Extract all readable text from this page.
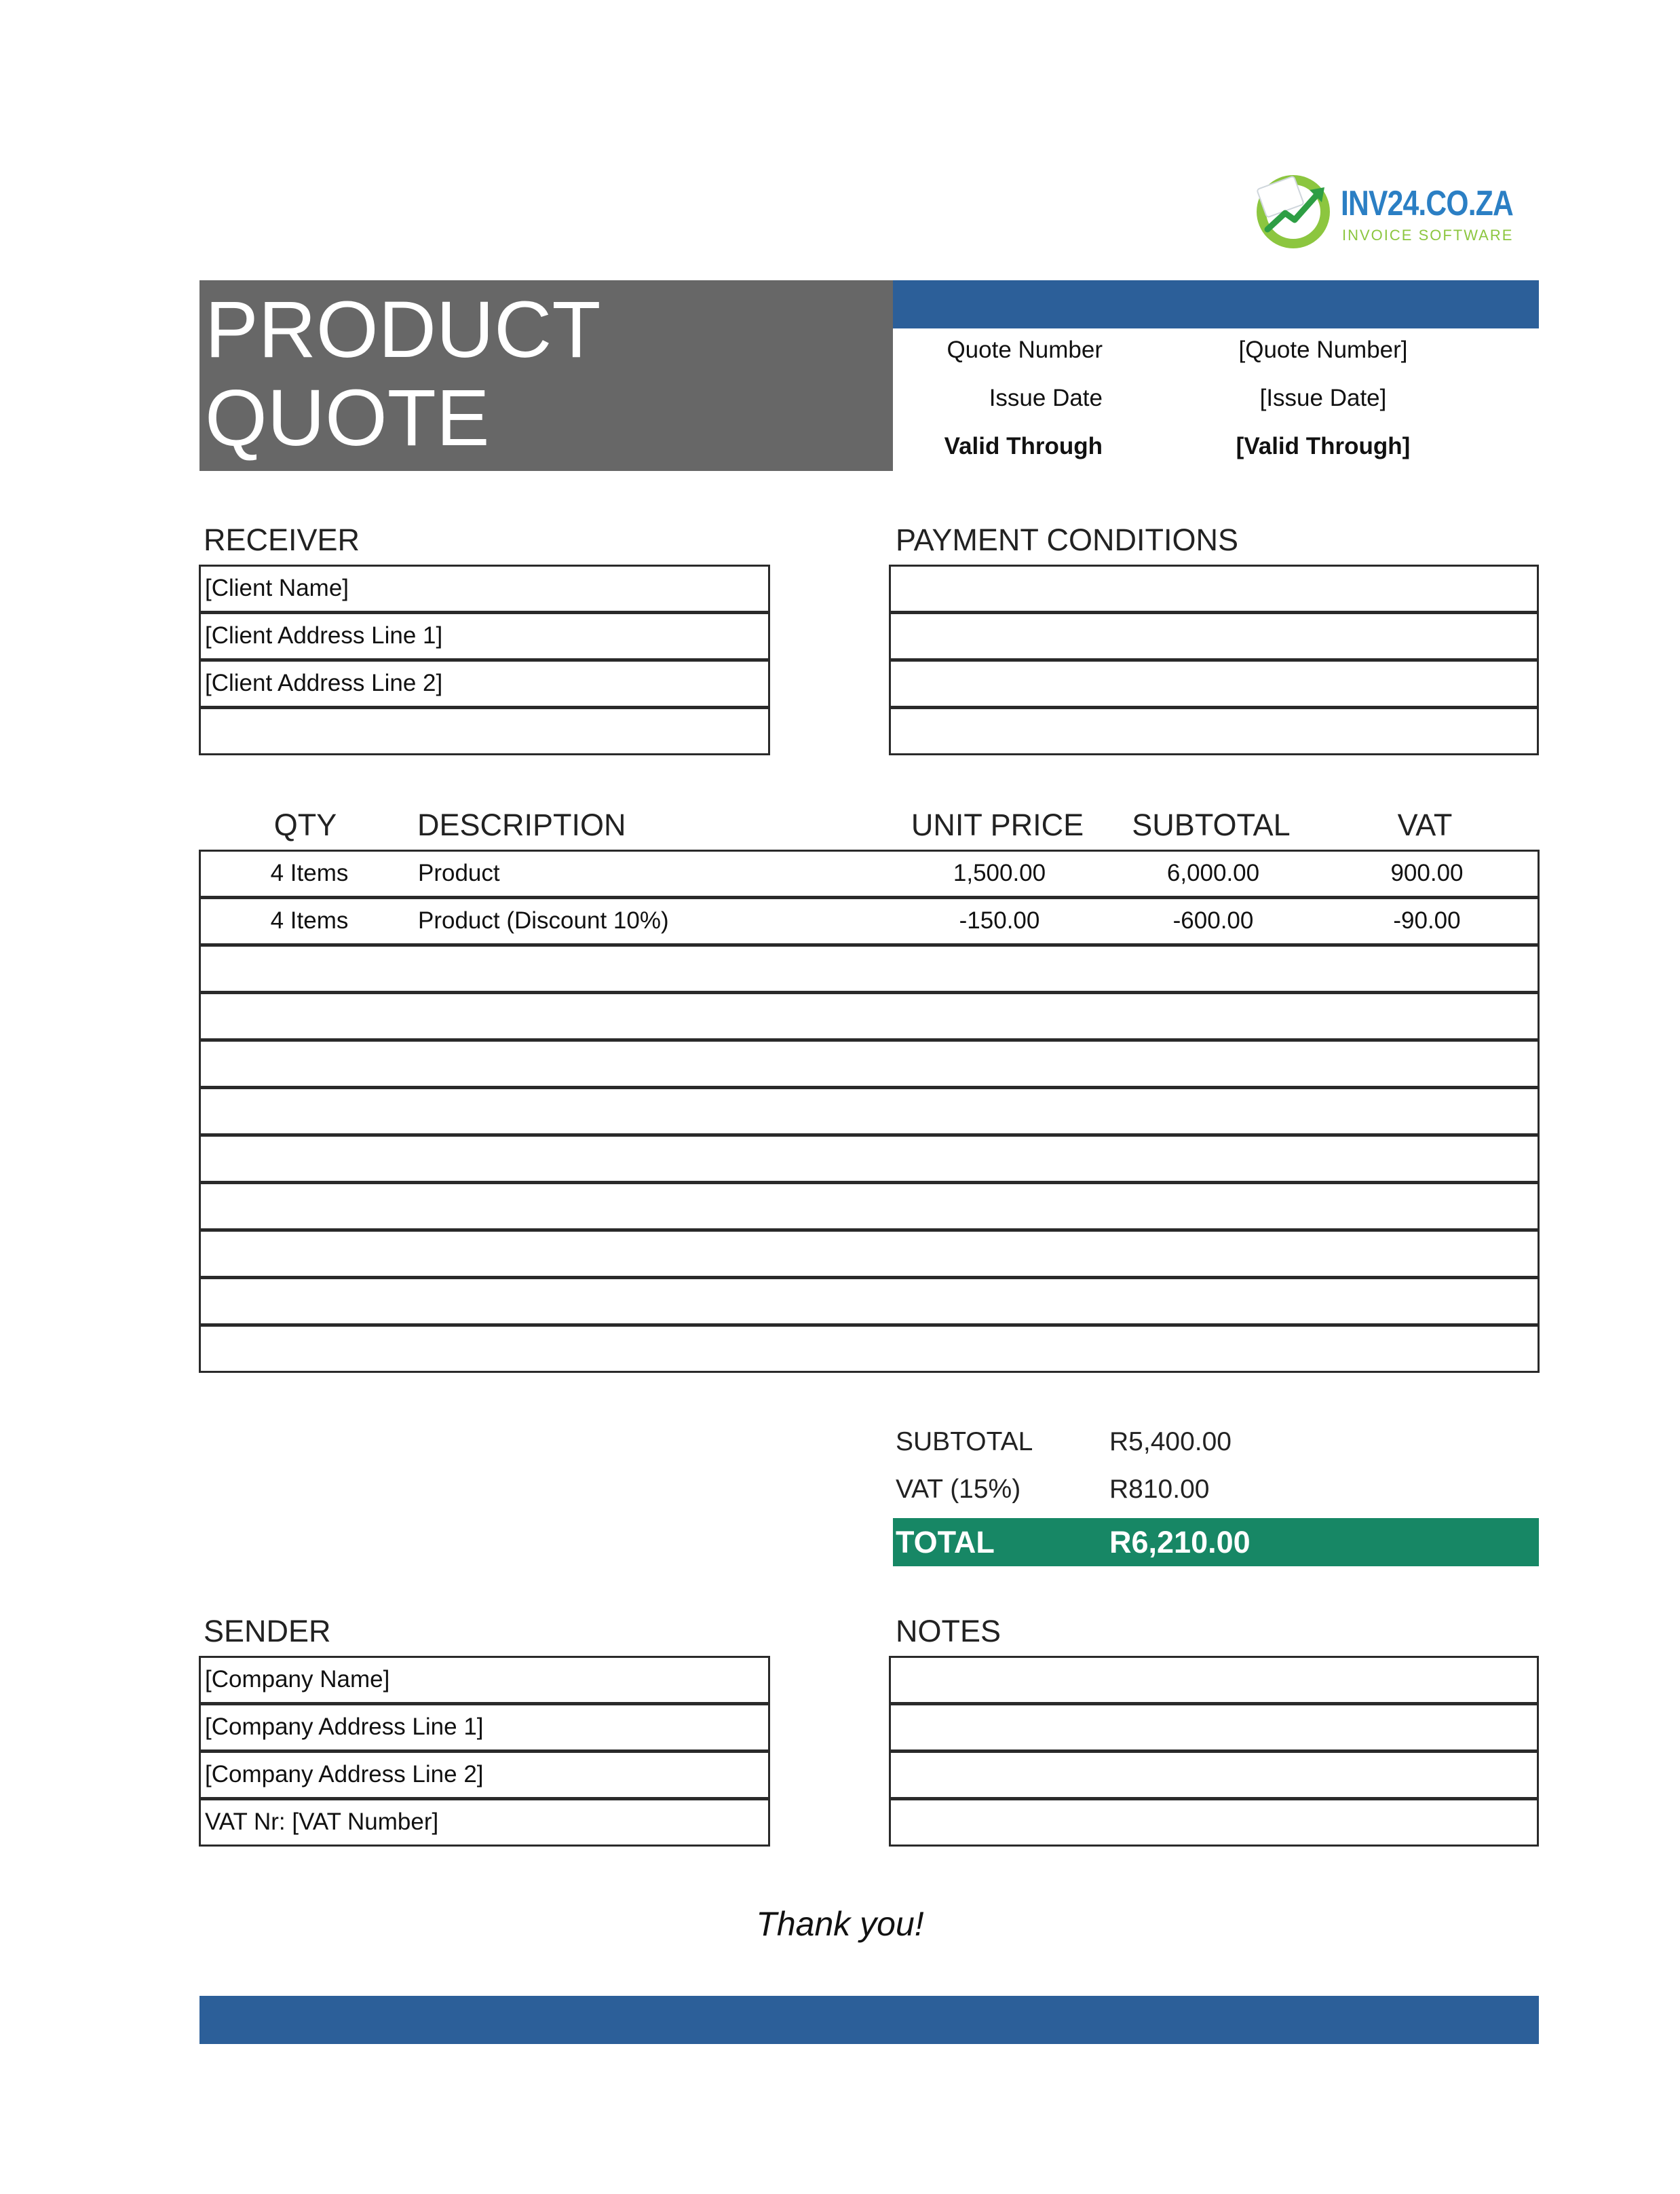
INV24.CO.ZA
INVOICE SOFTWARE
PRODUCT
QUOTE
Quote Number	[Quote Number]
Issue Date	[Issue Date]
Valid Through	[Valid Through]
RECEIVER
[Client Name]
[Client Address Line 1]
[Client Address Line 2]
PAYMENT CONDITIONS
QTY	DESCRIPTION	UNIT PRICE	SUBTOTAL	VAT
4 Items	Product	1,500.00	6,000.00	900.00
4 Items	Product (Discount 10%)	-150.00	-600.00	-90.00
SUBTOTAL	R5,400.00
VAT (15%)	R810.00
TOTAL	R6,210.00
SENDER
[Company Name]
[Company Address Line 1]
[Company Address Line 2]
VAT Nr: [VAT Number]
NOTES
Thank you!
